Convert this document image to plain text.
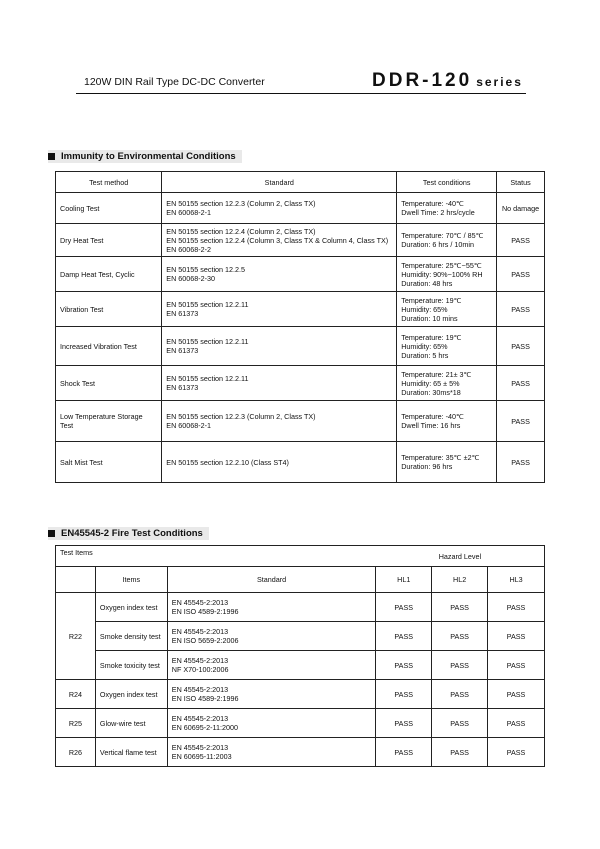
120W DIN Rail Type DC-DC Converter	DDR-120 series
Immunity to Environmental Conditions
Test method	Standard	Test conditions	Status
Cooling Test	EN 50155 section 12.2.3 (Column 2, Class TX)
EN 60068-2-1	Temperature: -40℃
Dwell Time: 2 hrs/cycle	No damage
Dry Heat Test	EN 50155 section 12.2.4 (Column 2, Class TX)
EN 50155 section 12.2.4 (Column 3, Class TX & Column 4, Class TX)
EN 60068-2-2	Temperature: 70℃ / 85℃
Duration: 6 hrs / 10min	PASS
Damp Heat Test, Cyclic	EN 50155 section 12.2.5
EN 60068-2-30	Temperature: 25℃~55℃
Humidity: 90%~100% RH
Duration: 48 hrs	PASS
Vibration Test	EN 50155 section 12.2.11
EN 61373	Temperature: 19℃
Humidity: 65%
Duration: 10 mins	PASS
Increased Vibration Test	EN 50155 section 12.2.11
EN 61373	Temperature: 19℃
Humidity: 65%
Duration: 5 hrs	PASS
Shock Test	EN 50155 section 12.2.11
EN 61373	Temperature: 21± 3℃
Humidity: 65 ± 5%
Duration: 30ms*18	PASS
Low Temperature Storage Test	EN 50155 section 12.2.3 (Column 2, Class TX)
EN 60068-2-1	Temperature: -40℃
Dwell Time: 16 hrs	PASS
Salt Mist Test	EN 50155 section 12.2.10 (Class ST4)	Temperature: 35℃ ±2℃
Duration: 96 hrs	PASS
EN45545-2 Fire Test Conditions
Test Items			Hazard Level		
	Items	Standard	HL1	HL2	HL3
R22	Oxygen index test	EN 45545-2:2013
EN ISO 4589-2:1996	PASS	PASS	PASS
	Smoke density test	EN 45545-2:2013
EN ISO 5659-2:2006	PASS	PASS	PASS
	Smoke toxicity test	EN 45545-2:2013
NF X70-100:2006	PASS	PASS	PASS
R24	Oxygen index test	EN 45545-2:2013
EN ISO 4589-2:1996	PASS	PASS	PASS
R25	Glow-wire test	EN 45545-2:2013
EN 60695-2-11:2000	PASS	PASS	PASS
R26	Vertical flame test	EN 45545-2:2013
EN 60695-11:2003	PASS	PASS	PASS
